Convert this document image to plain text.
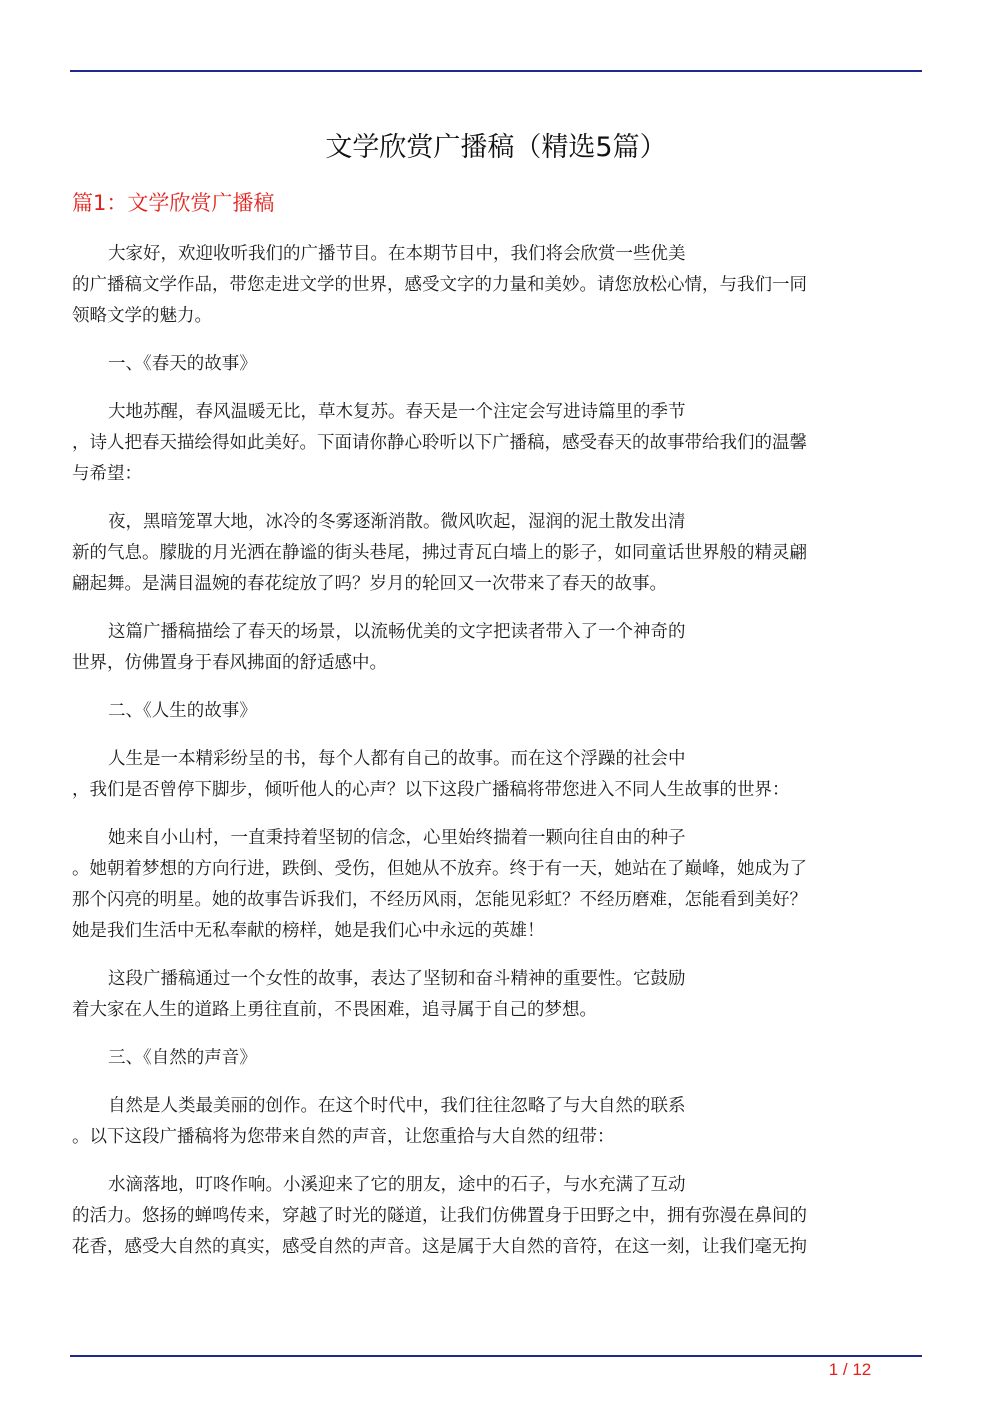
文学欣赏广播稿（精选5篇）
篇1：文学欣赏广播稿
大家好，欢迎收听我们的广播节目。在本期节目中，我们将会欣赏一些优美
的广播稿文学作品，带您走进文学的世界，感受文字的力量和美妙。请您放松心情，与我们一同
领略文学的魅力。
一、《春天的故事》
大地苏醒，春风温暖无比，草木复苏。春天是一个注定会写进诗篇里的季节
，诗人把春天描绘得如此美好。下面请你静心聆听以下广播稿，感受春天的故事带给我们的温馨
与希望：
夜，黑暗笼罩大地，冰冷的冬雾逐渐消散。微风吹起，湿润的泥土散发出清
新的气息。朦胧的月光洒在静谧的街头巷尾，拂过青瓦白墙上的影子，如同童话世界般的精灵翩
翩起舞。是满目温婉的春花绽放了吗？岁月的轮回又一次带来了春天的故事。
这篇广播稿描绘了春天的场景，以流畅优美的文字把读者带入了一个神奇的
世界，仿佛置身于春风拂面的舒适感中。
二、《人生的故事》
人生是一本精彩纷呈的书，每个人都有自己的故事。而在这个浮躁的社会中
，我们是否曾停下脚步，倾听他人的心声？以下这段广播稿将带您进入不同人生故事的世界：
她来自小山村，一直秉持着坚韧的信念，心里始终揣着一颗向往自由的种子
。她朝着梦想的方向行进，跌倒、受伤，但她从不放弃。终于有一天，她站在了巅峰，她成为了
那个闪亮的明星。她的故事告诉我们，不经历风雨，怎能见彩虹？不经历磨难，怎能看到美好？
她是我们生活中无私奉献的榜样，她是我们心中永远的英雄！
这段广播稿通过一个女性的故事，表达了坚韧和奋斗精神的重要性。它鼓励
着大家在人生的道路上勇往直前，不畏困难，追寻属于自己的梦想。
三、《自然的声音》
自然是人类最美丽的创作。在这个时代中，我们往往忽略了与大自然的联系
。以下这段广播稿将为您带来自然的声音，让您重拾与大自然的纽带：
水滴落地，叮咚作响。小溪迎来了它的朋友，途中的石子，与水充满了互动
的活力。悠扬的蝉鸣传来，穿越了时光的隧道，让我们仿佛置身于田野之中，拥有弥漫在鼻间的
花香，感受大自然的真实，感受自然的声音。这是属于大自然的音符，在这一刻，让我们毫无拘
1 / 12
